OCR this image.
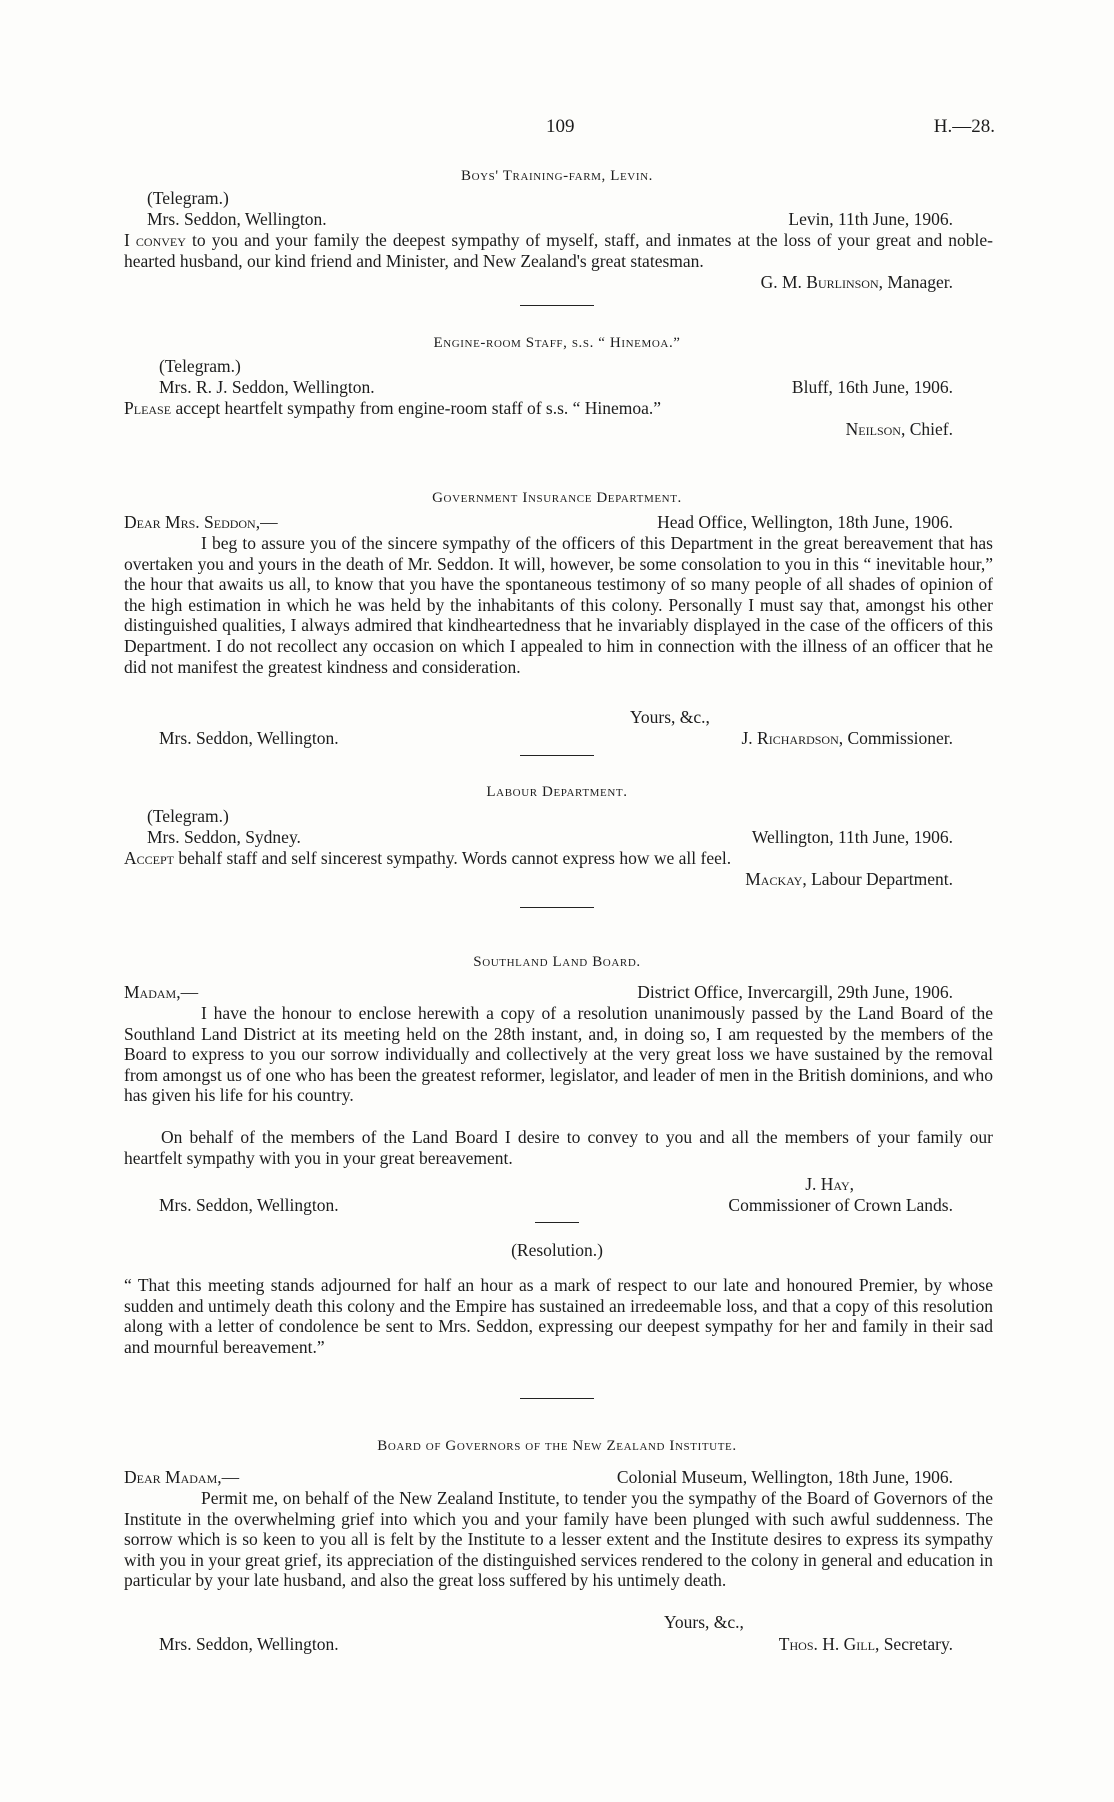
109	H.—28.
Boys' Training-farm, Levin.
(Telegram.)
Mrs. Seddon, Wellington.	Levin, 11th June, 1906.
I convey to you and your family the deepest sympathy of myself, staff, and inmates at the loss of your great and noble-hearted husband, our kind friend and Minister, and New Zealand's great statesman.
G. M. Burlinson, Manager.
Engine-room Staff, s.s. “ Hinemoa.”
(Telegram.)
Mrs. R. J. Seddon, Wellington.	Bluff, 16th June, 1906.
Please accept heartfelt sympathy from engine-room staff of s.s. “ Hinemoa.”
Neilson, Chief.
Government Insurance Department.
Dear Mrs. Seddon,—	Head Office, Wellington, 18th June, 1906.
I beg to assure you of the sincere sympathy of the officers of this Department in the great bereavement that has overtaken you and yours in the death of Mr. Seddon. It will, however, be some consolation to you in this “ inevitable hour,” the hour that awaits us all, to know that you have the spontaneous testimony of so many people of all shades of opinion of the high estimation in which he was held by the inhabitants of this colony. Personally I must say that, amongst his other distinguished qualities, I always admired that kindheartedness that he invariably displayed in the case of the officers of this Department. I do not recollect any occasion on which I appealed to him in connection with the illness of an officer that he did not manifest the greatest kindness and consideration.
Yours, &c.,
Mrs. Seddon, Wellington.	J. Richardson, Commissioner.
Labour Department.
(Telegram.)
Mrs. Seddon, Sydney.	Wellington, 11th June, 1906.
Accept behalf staff and self sincerest sympathy. Words cannot express how we all feel.
Mackay, Labour Department.
Southland Land Board.
Madam,—	District Office, Invercargill, 29th June, 1906.
I have the honour to enclose herewith a copy of a resolution unanimously passed by the Land Board of the Southland Land District at its meeting held on the 28th instant, and, in doing so, I am requested by the members of the Board to express to you our sorrow individually and collectively at the very great loss we have sustained by the removal from amongst us of one who has been the greatest reformer, legislator, and leader of men in the British dominions, and who has given his life for his country.
On behalf of the members of the Land Board I desire to convey to you and all the members of your family our heartfelt sympathy with you in your great bereavement.
J. Hay,
Mrs. Seddon, Wellington.	Commissioner of Crown Lands.
(Resolution.)
“ That this meeting stands adjourned for half an hour as a mark of respect to our late and honoured Premier, by whose sudden and untimely death this colony and the Empire has sustained an irredeemable loss, and that a copy of this resolution along with a letter of condolence be sent to Mrs. Seddon, expressing our deepest sympathy for her and family in their sad and mournful bereavement.”
Board of Governors of the New Zealand Institute.
Dear Madam,—	Colonial Museum, Wellington, 18th June, 1906.
Permit me, on behalf of the New Zealand Institute, to tender you the sympathy of the Board of Governors of the Institute in the overwhelming grief into which you and your family have been plunged with such awful suddenness. The sorrow which is so keen to you all is felt by the Institute to a lesser extent and the Institute desires to express its sympathy with you in your great grief, its appreciation of the distinguished services rendered to the colony in general and education in particular by your late husband, and also the great loss suffered by his untimely death.
Yours, &c.,
Mrs. Seddon, Wellington.	Thos. H. Gill, Secretary.
